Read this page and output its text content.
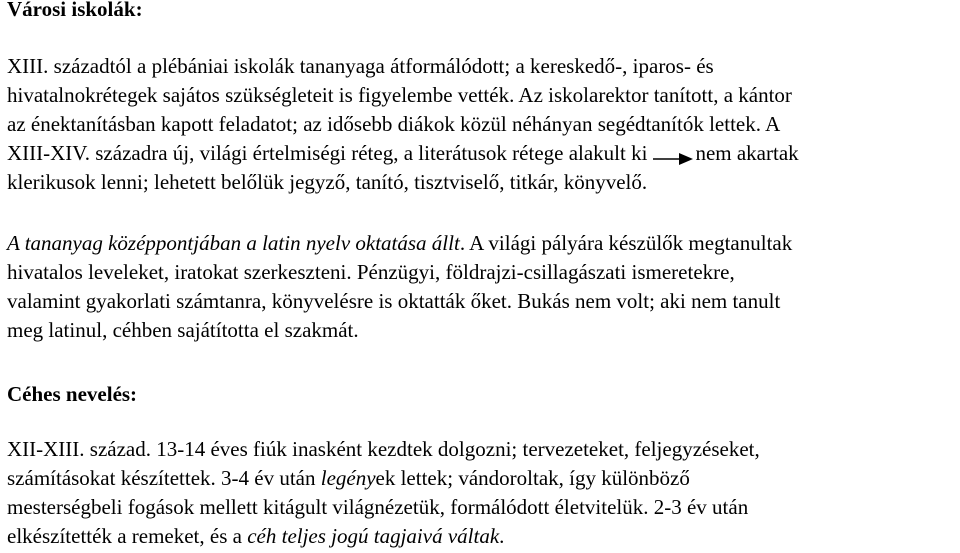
Városi iskolák:
XIII. századtól a plébániai iskolák tananyaga átformálódott; a kereskedő-, iparos- és
hivatalnokrétegek sajátos szükségleteit is figyelembe vették. Az iskolarektor tanított, a kántor
az énektanításban kapott feladatot; az idősebb diákok közül néhányan segédtanítók lettek. A
XIII-XIV. századra új, világi értelmiségi réteg, a literátusok rétege alakult ki nem akartak
klerikusok lenni; lehetett belőlük jegyző, tanító, tisztviselő, titkár, könyvelő.
A tananyag középpontjában a latin nyelv oktatása állt. A világi pályára készülők megtanultak
hivatalos leveleket, iratokat szerkeszteni. Pénzügyi, földrajzi-csillagászati ismeretekre,
valamint gyakorlati számtanra, könyvelésre is oktatták őket. Bukás nem volt; aki nem tanult
meg latinul, céhben sajátította el szakmát.
Céhes nevelés:
XII-XIII. század. 13-14 éves fiúk inasként kezdtek dolgozni; tervezeteket, feljegyzéseket,
számításokat készítettek. 3-4 év után legények lettek; vándoroltak, így különböző
mesterségbeli fogások mellett kitágult világnézetük, formálódott életvitelük. 2-3 év után
elkészítették a remeket, és a céh teljes jogú tagjaivá váltak.
